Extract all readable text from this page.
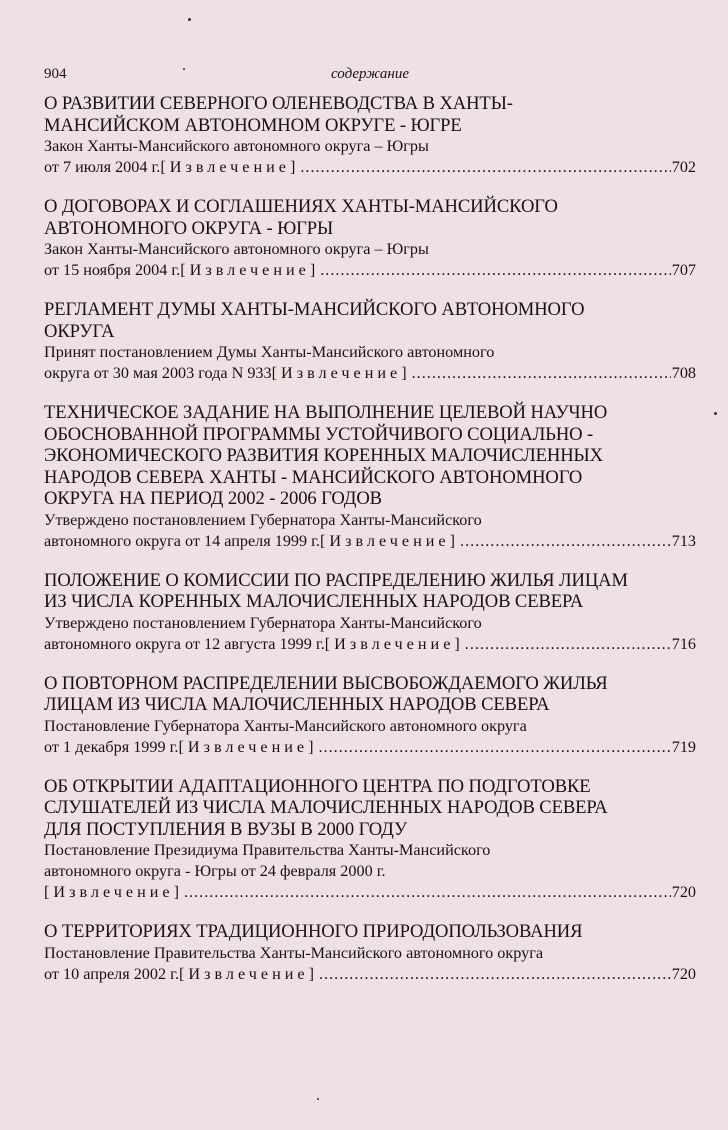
904	содержание
О РАЗВИТИИ СЕВЕРНОГО ОЛЕНЕВОДСТВА В ХАНТЫ-
МАНСИЙСКОМ АВТОНОМНОМ ОКРУГЕ - ЮГРЕ
Закон Ханты-Мансийского автономного округа – Югры
от 7 июля 2004 г. [Извлечение] .....	702
О ДОГОВОРАХ И СОГЛАШЕНИЯХ ХАНТЫ-МАНСИЙСКОГО
АВТОНОМНОГО ОКРУГА - ЮГРЫ
Закон Ханты-Мансийского автономного округа – Югры
от 15 ноября 2004 г. [Извлечение] .....	707
РЕГЛАМЕНТ ДУМЫ ХАНТЫ-МАНСИЙСКОГО АВТОНОМНОГО
ОКРУГА
Принят постановлением Думы Ханты-Мансийского автономного
округа от 30 мая 2003 года N 933 [Извлечение] .....	708
ТЕХНИЧЕСКОЕ ЗАДАНИЕ НА ВЫПОЛНЕНИЕ ЦЕЛЕВОЙ НАУЧНО
ОБОСНОВАННОЙ ПРОГРАММЫ УСТОЙЧИВОГО СОЦИАЛЬНО -
ЭКОНОМИЧЕСКОГО РАЗВИТИЯ КОРЕННЫХ МАЛОЧИСЛЕННЫХ
НАРОДОВ СЕВЕРА ХАНТЫ - МАНСИЙСКОГО АВТОНОМНОГО
ОКРУГА НА ПЕРИОД 2002 - 2006 ГОДОВ
Утверждено постановлением Губернатора Ханты-Мансийского
автономного округа от 14 апреля 1999 г. [Извлечение] .....	713
ПОЛОЖЕНИЕ О КОМИССИИ ПО РАСПРЕДЕЛЕНИЮ ЖИЛЬЯ ЛИЦАМ
ИЗ ЧИСЛА КОРЕННЫХ МАЛОЧИСЛЕННЫХ НАРОДОВ СЕВЕРА
Утверждено постановлением Губернатора Ханты-Мансийского
автономного округа от 12 августа 1999 г. [Извлечение] .....	716
О ПОВТОРНОМ РАСПРЕДЕЛЕНИИ ВЫСВОБОЖДАЕМОГО ЖИЛЬЯ
ЛИЦАМ ИЗ ЧИСЛА МАЛОЧИСЛЕННЫХ НАРОДОВ СЕВЕРА
Постановление Губернатора Ханты-Мансийского автономного округа
от 1 декабря 1999 г. [Извлечение] .....	719
ОБ ОТКРЫТИИ АДАПТАЦИОННОГО ЦЕНТРА ПО ПОДГОТОВКЕ
СЛУШАТЕЛЕЙ ИЗ ЧИСЛА МАЛОЧИСЛЕННЫХ НАРОДОВ СЕВЕРА
ДЛЯ ПОСТУПЛЕНИЯ В ВУЗЫ В 2000 ГОДУ
Постановление Президиума Правительства Ханты-Мансийского
автономного округа - Югры от 24 февраля 2000 г.
[Извлечение] .....	720
О ТЕРРИТОРИЯХ ТРАДИЦИОННОГО ПРИРОДОПОЛЬЗОВАНИЯ
Постановление Правительства Ханты-Мансийского автономного округа
от 10 апреля 2002 г. [Извлечение] .....	720
